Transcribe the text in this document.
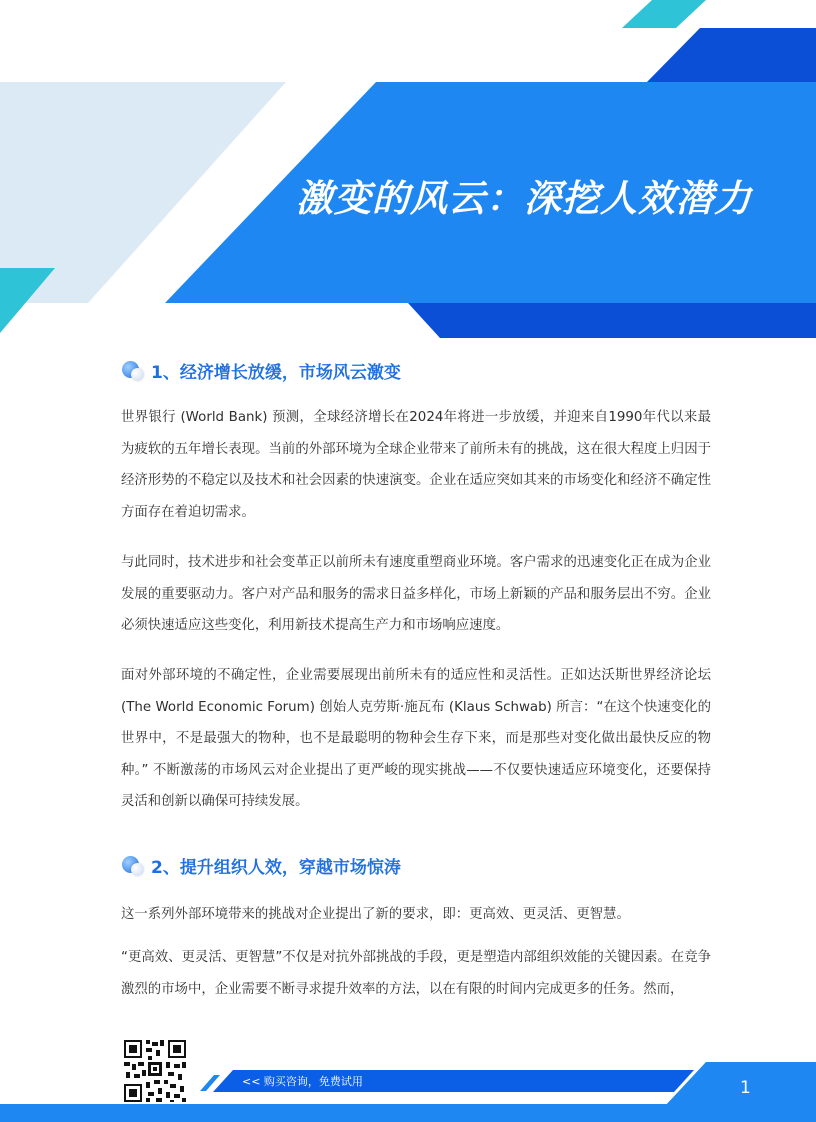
激变的风云：深挖人效潜力
1、经济增长放缓，市场风云激变
世界银行 (World Bank) 预测，全球经济增长在2024年将进一步放缓，并迎来自1990年代以来最为疲软的五年增长表现。当前的外部环境为全球企业带来了前所未有的挑战，这在很大程度上归因于经济形势的不稳定以及技术和社会因素的快速演变。企业在适应突如其来的市场变化和经济不确定性方面存在着迫切需求。
与此同时，技术进步和社会变革正以前所未有速度重塑商业环境。客户需求的迅速变化正在成为企业发展的重要驱动力。客户对产品和服务的需求日益多样化，市场上新颖的产品和服务层出不穷。企业必须快速适应这些变化，利用新技术提高生产力和市场响应速度。
面对外部环境的不确定性，企业需要展现出前所未有的适应性和灵活性。正如达沃斯世界经济论坛(The World Economic Forum) 创始人克劳斯·施瓦布 (Klaus Schwab) 所言：“在这个快速变化的世界中，不是最强大的物种，也不是最聪明的物种会生存下来，而是那些对变化做出最快反应的物种。” 不断激荡的市场风云对企业提出了更严峻的现实挑战——不仅要快速适应环境变化，还要保持灵活和创新以确保可持续发展。
2、提升组织人效，穿越市场惊涛
这一系列外部环境带来的挑战对企业提出了新的要求，即：更高效、更灵活、更智慧。
“更高效、更灵活、更智慧”不仅是对抗外部挑战的手段，更是塑造内部组织效能的关键因素。在竞争激烈的市场中，企业需要不断寻求提升效率的方法，以在有限的时间内完成更多的任务。然而，
<< 购买咨询，免费试用	1
